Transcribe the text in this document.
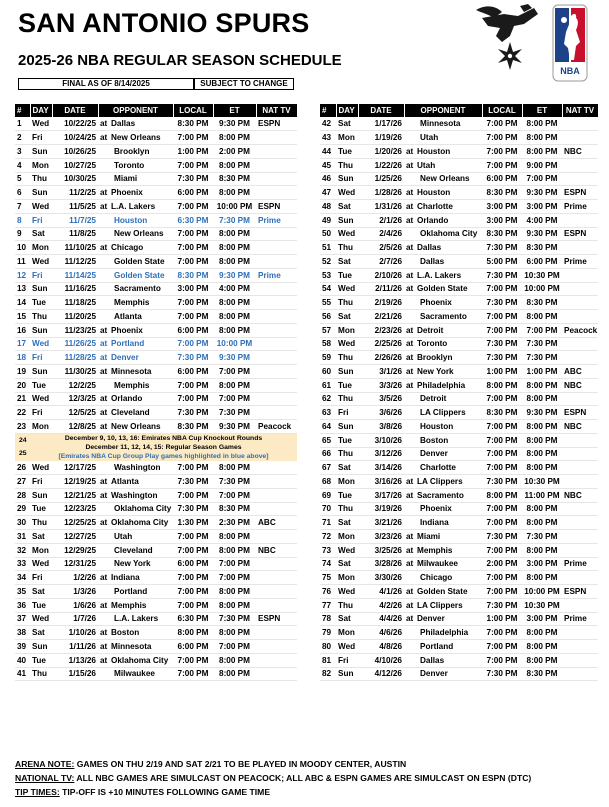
SAN ANTONIO SPURS
2025-26 NBA REGULAR SEASON SCHEDULE
FINAL AS OF 8/14/2025	SUBJECT TO CHANGE
NBA
#	DAY	DATE	OPPONENT	LOCAL	ET	NAT TV
1	Wed	10/22/25	at Dallas	8:30 PM	9:30 PM	ESPN
2	Fri	10/24/25	at New Orleans	7:00 PM	8:00 PM	
3	Sun	10/26/25	Brooklyn	1:00 PM	2:00 PM	
4	Mon	10/27/25	Toronto	7:00 PM	8:00 PM	
5	Thu	10/30/25	Miami	7:30 PM	8:30 PM	
6	Sun	11/2/25	at Phoenix	6:00 PM	8:00 PM	
7	Wed	11/5/25	at L.A. Lakers	7:00 PM	10:00 PM	ESPN
8	Fri	11/7/25	Houston	6:30 PM	7:30 PM	Prime
9	Sat	11/8/25	New Orleans	7:00 PM	8:00 PM	
10	Mon	11/10/25	at Chicago	7:00 PM	8:00 PM	
11	Wed	11/12/25	Golden State	7:00 PM	8:00 PM	
12	Fri	11/14/25	Golden State	8:30 PM	9:30 PM	Prime
13	Sun	11/16/25	Sacramento	3:00 PM	4:00 PM	
14	Tue	11/18/25	Memphis	7:00 PM	8:00 PM	
15	Thu	11/20/25	Atlanta	7:00 PM	8:00 PM	
16	Sun	11/23/25	at Phoenix	6:00 PM	8:00 PM	
17	Wed	11/26/25	at Portland	7:00 PM	10:00 PM	
18	Fri	11/28/25	at Denver	7:30 PM	9:30 PM	
19	Sun	11/30/25	at Minnesota	6:00 PM	7:00 PM	
20	Tue	12/2/25	Memphis	7:00 PM	8:00 PM	
21	Wed	12/3/25	at Orlando	7:00 PM	7:00 PM	
22	Fri	12/5/25	at Cleveland	7:30 PM	7:30 PM	
23	Mon	12/8/25	at New Orleans	8:30 PM	9:30 PM	Peacock
24	December 9, 10, 13, 16: Emirates NBA Cup Knockout Rounds
December 11, 12, 14, 15: Regular Season Games
[Emirates NBA Cup Group Play games highlighted in blue above]					

25						
26	Wed	12/17/25	Washington	7:00 PM	8:00 PM	
27	Fri	12/19/25	at Atlanta	7:30 PM	7:30 PM	
28	Sun	12/21/25	at Washington	7:00 PM	7:00 PM	
29	Tue	12/23/25	Oklahoma City	7:30 PM	8:30 PM	
30	Thu	12/25/25	at Oklahoma City	1:30 PM	2:30 PM	ABC
31	Sat	12/27/25	Utah	7:00 PM	8:00 PM	
32	Mon	12/29/25	Cleveland	7:00 PM	8:00 PM	NBC
33	Wed	12/31/25	New York	6:00 PM	7:00 PM	
34	Fri	1/2/26	at Indiana	7:00 PM	7:00 PM	
35	Sat	1/3/26	Portland	7:00 PM	8:00 PM	
36	Tue	1/6/26	at Memphis	7:00 PM	8:00 PM	
37	Wed	1/7/26	L.A. Lakers	6:30 PM	7:30 PM	ESPN
38	Sat	1/10/26	at Boston	8:00 PM	8:00 PM	
39	Sun	1/11/26	at Minnesota	6:00 PM	7:00 PM	
40	Tue	1/13/26	at Oklahoma City	7:00 PM	8:00 PM	
41	Thu	1/15/26	Milwaukee	7:00 PM	8:00 PM	
#	DAY	DATE	OPPONENT	LOCAL	ET	NAT TV
42	Sat	1/17/26	Minnesota	7:00 PM	8:00 PM	
43	Mon	1/19/26	Utah	7:00 PM	8:00 PM	
44	Tue	1/20/26	at Houston	7:00 PM	8:00 PM	NBC
45	Thu	1/22/26	at Utah	7:00 PM	9:00 PM	
46	Sun	1/25/26	New Orleans	6:00 PM	7:00 PM	
47	Wed	1/28/26	at Houston	8:30 PM	9:30 PM	ESPN
48	Sat	1/31/26	at Charlotte	3:00 PM	3:00 PM	Prime
49	Sun	2/1/26	at Orlando	3:00 PM	4:00 PM	
50	Wed	2/4/26	Oklahoma City	8:30 PM	9:30 PM	ESPN
51	Thu	2/5/26	at Dallas	7:30 PM	8:30 PM	
52	Sat	2/7/26	Dallas	5:00 PM	6:00 PM	Prime
53	Tue	2/10/26	at L.A. Lakers	7:30 PM	10:30 PM	
54	Wed	2/11/26	at Golden State	7:00 PM	10:00 PM	
55	Thu	2/19/26	Phoenix	7:30 PM	8:30 PM	
56	Sat	2/21/26	Sacramento	7:00 PM	8:00 PM	
57	Mon	2/23/26	at Detroit	7:00 PM	7:00 PM	Peacock
58	Wed	2/25/26	at Toronto	7:30 PM	7:30 PM	
59	Thu	2/26/26	at Brooklyn	7:30 PM	7:30 PM	
60	Sun	3/1/26	at New York	1:00 PM	1:00 PM	ABC
61	Tue	3/3/26	at Philadelphia	8:00 PM	8:00 PM	NBC
62	Thu	3/5/26	Detroit	7:00 PM	8:00 PM	
63	Fri	3/6/26	LA Clippers	8:30 PM	9:30 PM	ESPN
64	Sun	3/8/26	Houston	7:00 PM	8:00 PM	NBC
65	Tue	3/10/26	Boston	7:00 PM	8:00 PM	
66	Thu	3/12/26	Denver	7:00 PM	8:00 PM	
67	Sat	3/14/26	Charlotte	7:00 PM	8:00 PM	
68	Mon	3/16/26	at LA Clippers	7:30 PM	10:30 PM	
69	Tue	3/17/26	at Sacramento	8:00 PM	11:00 PM	NBC
70	Thu	3/19/26	Phoenix	7:00 PM	8:00 PM	
71	Sat	3/21/26	Indiana	7:00 PM	8:00 PM	
72	Mon	3/23/26	at Miami	7:30 PM	7:30 PM	
73	Wed	3/25/26	at Memphis	7:00 PM	8:00 PM	
74	Sat	3/28/26	at Milwaukee	2:00 PM	3:00 PM	Prime
75	Mon	3/30/26	Chicago	7:00 PM	8:00 PM	
76	Wed	4/1/26	at Golden State	7:00 PM	10:00 PM	ESPN
77	Thu	4/2/26	at LA Clippers	7:30 PM	10:30 PM	
78	Sat	4/4/26	at Denver	1:00 PM	3:00 PM	Prime
79	Mon	4/6/26	Philadelphia	7:00 PM	8:00 PM	
80	Wed	4/8/26	Portland	7:00 PM	8:00 PM	
81	Fri	4/10/26	Dallas	7:00 PM	8:00 PM	
82	Sun	4/12/26	Denver	7:30 PM	8:30 PM	
ARENA NOTE: GAMES ON THU 2/19 AND SAT 2/21 TO BE PLAYED IN MOODY CENTER, AUSTIN
NATIONAL TV: ALL NBC GAMES ARE SIMULCAST ON PEACOCK; ALL ABC & ESPN GAMES ARE SIMULCAST ON ESPN (DTC)
TIP TIMES: TIP-OFF IS +10 MINUTES FOLLOWING GAME TIME
